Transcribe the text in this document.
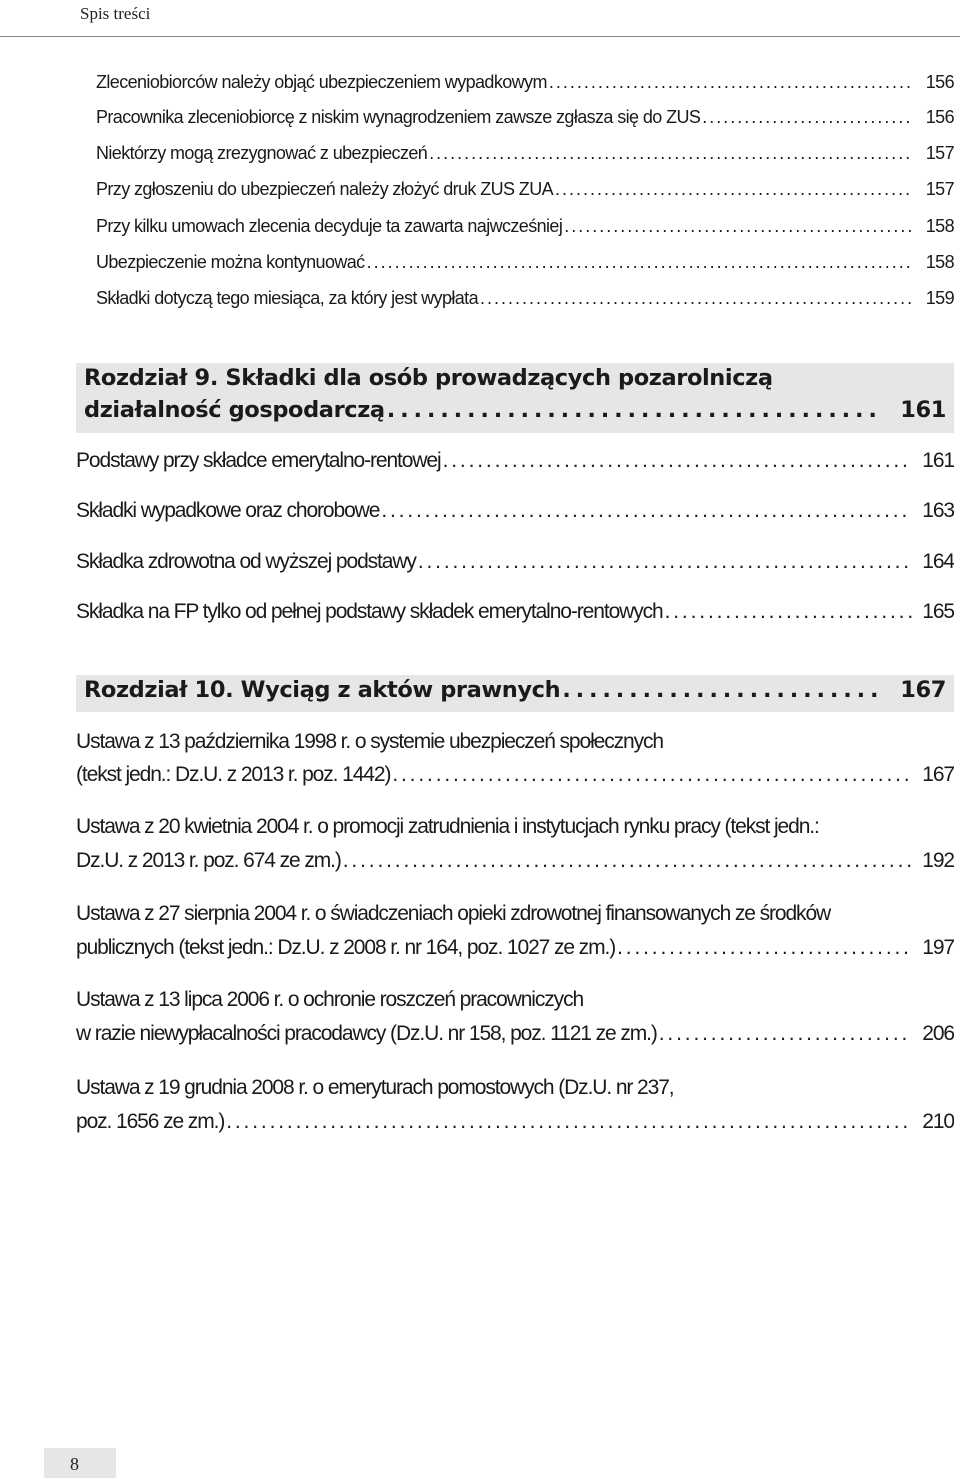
Spis treści
Zleceniobiorców należy objąć ubezpieczeniem wypadkowym . . .	156
Pracownika zleceniobiorcę z niskim wynagrodzeniem zawsze zgłasza się do ZUS . . .	156
Niektórzy mogą zrezygnować z ubezpieczeń . . .	157
Przy zgłoszeniu do ubezpieczeń należy złożyć druk ZUS ZUA . . .	157
Przy kilku umowach zlecenia decyduje ta zawarta najwcześniej . . .	158
Ubezpieczenie można kontynuować . . .	158
Składki dotyczą tego miesiąca, za który jest wypłata . . .	159
Rozdział 9. Składki dla osób prowadzących pozarolniczą
działalność gospodarczą . . .	161
Podstawy przy składce emerytalno-rentowej . . .	161
Składki wypadkowe oraz chorobowe . . .	163
Składka zdrowotna od wyższej podstawy . . .	164
Składka na FP tylko od pełnej podstawy składek emerytalno-rentowych . . .	165
Rozdział 10. Wyciąg z aktów prawnych . . .	167
Ustawa z 13 października 1998 r. o systemie ubezpieczeń społecznych
(tekst jedn.: Dz.U. z 2013 r. poz. 1442) . . .	167
Ustawa z 20 kwietnia 2004 r. o promocji zatrudnienia i instytucjach rynku pracy (tekst jedn.:
Dz.U. z 2013 r. poz. 674 ze zm.) . . .	192
Ustawa z 27 sierpnia 2004 r. o świadczeniach opieki zdrowotnej finansowanych ze środków
publicznych (tekst jedn.: Dz.U. z 2008 r. nr 164, poz. 1027 ze zm.) . . .	197
Ustawa z 13 lipca 2006 r. o ochronie roszczeń pracowniczych
w razie niewypłacalności pracodawcy (Dz.U. nr 158, poz. 1121 ze zm.) . . .	206
Ustawa z 19 grudnia 2008 r. o emeryturach pomostowych (Dz.U. nr 237,
poz. 1656 ze zm.) . . .	210
8
